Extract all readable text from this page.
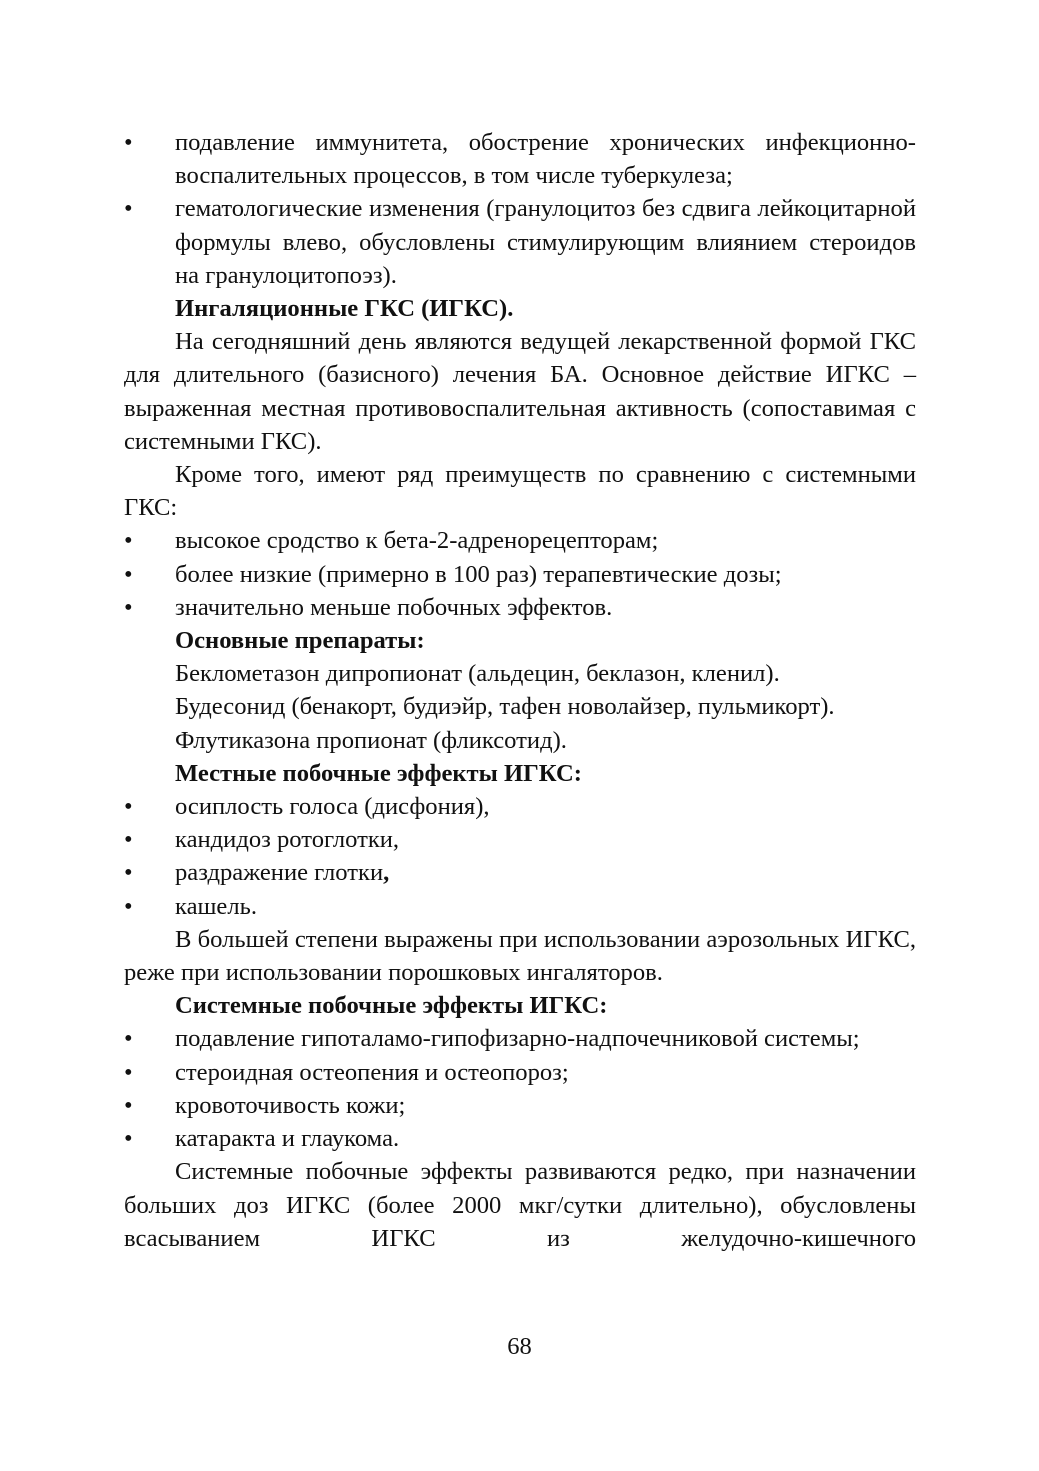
• подавление иммунитета, обострение хронических инфекционно-воспалительных процессов, в том числе туберкулеза;

• гематологические изменения (гранулоцитоз без сдвига лейкоцитарной формулы влево, обусловлены стимулирующим влиянием стероидов на гранулоцитопоэз).

Ингаляционные ГКС (ИГКС).

На сегодняшний день являются ведущей лекарственной формой ГКС для длительного (базисного) лечения БА. Основное действие ИГКС – выраженная местная противовоспалительная активность (сопоставимая с системными ГКС).

Кроме того, имеют ряд преимуществ по сравнению с системными ГКС:

• высокое сродство к бета-2-адренорецепторам;

• более низкие (примерно в 100 раз) терапевтические дозы;

• значительно меньше побочных эффектов.

Основные препараты:

Беклометазон дипропионат (альдецин, беклазон, кленил).

Будесонид (бенакорт, будиэйр, тафен новолайзер, пульмикорт).

Флутиказона пропионат (фликсотид).

Местные побочные эффекты ИГКС:

• осиплость голоса (дисфония),

• кандидоз ротоглотки,

• раздражение глотки,

• кашель.

В большей степени выражены при использовании аэрозольных ИГКС, реже при использовании порошковых ингаляторов.

Системные побочные эффекты ИГКС:

• подавление гипоталамо-гипофизарно-надпочечниковой системы;

• стероидная остеопения и остеопороз;

• кровоточивость кожи;

• катаракта и глаукома.

Системные побочные эффекты развиваются редко, при назначении больших доз ИГКС (более 2000 мкг/сутки длительно), обусловлены всасыванием ИГКС из желудочно-кишечного

68
